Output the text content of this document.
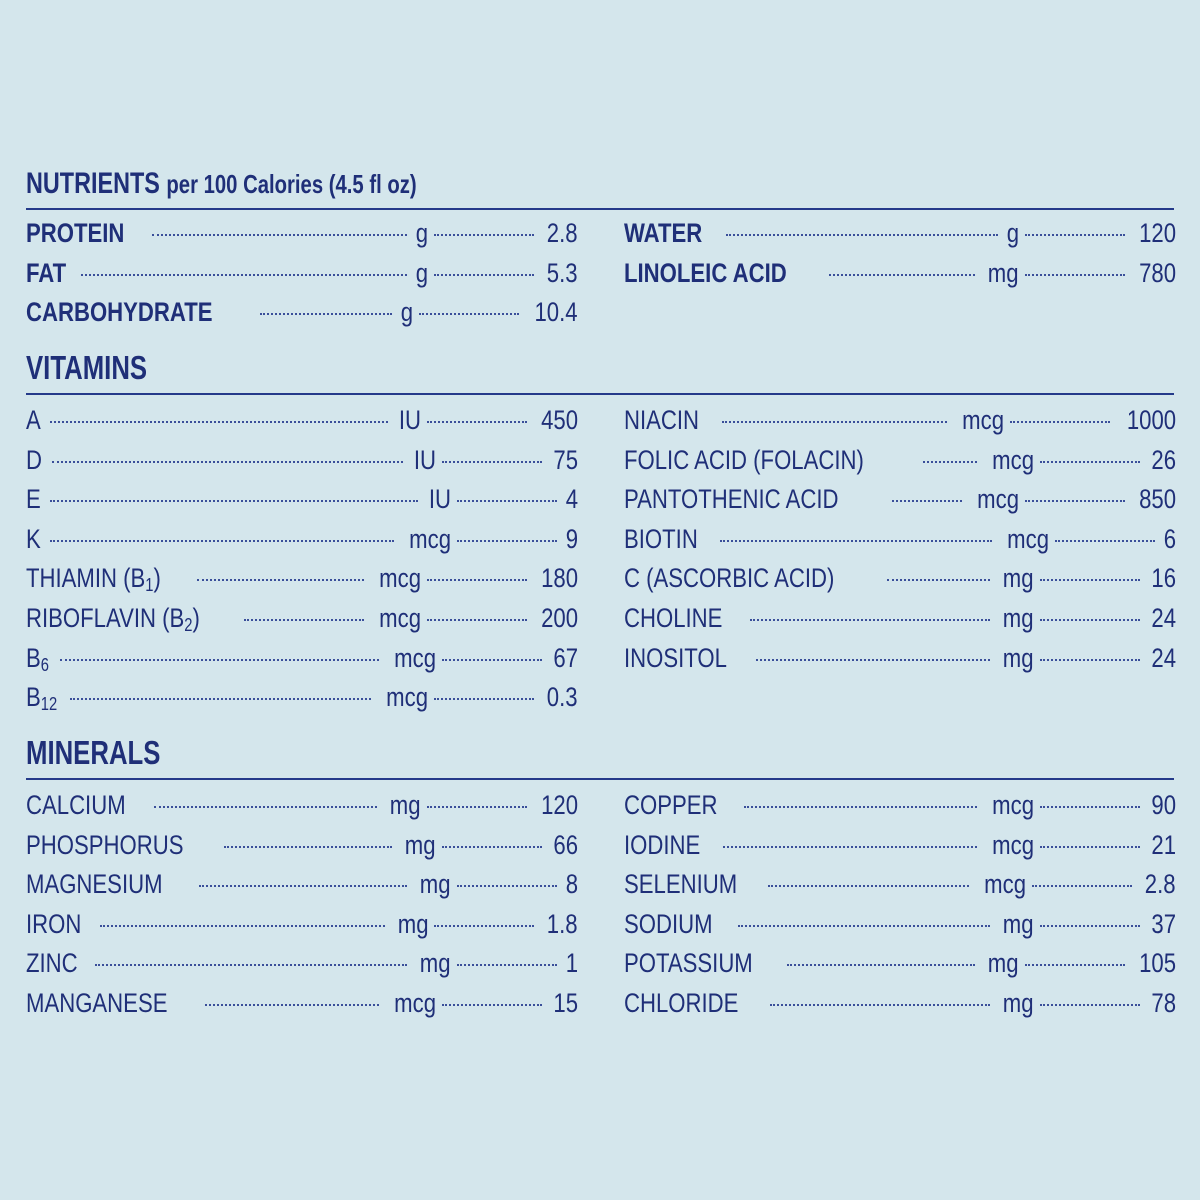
NUTRIENTS per 100 Calories (4.5 fl oz)
PROTEIN	g	2.8
FAT	g	5.3
CARBOHYDRATE	g	10.4
WATER	g	120
LINOLEIC ACID	mg	780
VITAMINS
A	IU	450
D	IU	75
E	IU	4
K	mcg	9
THIAMIN $(B_1)$	mcg	180
RIBOFLAVIN $(B_2)$	mcg	200
$B_6$	mcg	67
$B_{12}$	mcg	0.3
NIACIN	mcg	1000
FOLIC ACID (FOLACIN)	mcg	26
PANTOTHENIC ACID	mcg	850
BIOTIN	mcg	6
C (ASCORBIC ACID)	mg	16
CHOLINE	mg	24
INOSITOL	mg	24
MINERALS
CALCIUM	mg	120
PHOSPHORUS	mg	66
MAGNESIUM	mg	8
IRON	mg	1.8
ZINC	mg	1
MANGANESE	mcg	15
COPPER	mcg	90
IODINE	mcg	21
SELENIUM	mcg	2.8
SODIUM	mg	37
POTASSIUM	mg	105
CHLORIDE	mg	78
